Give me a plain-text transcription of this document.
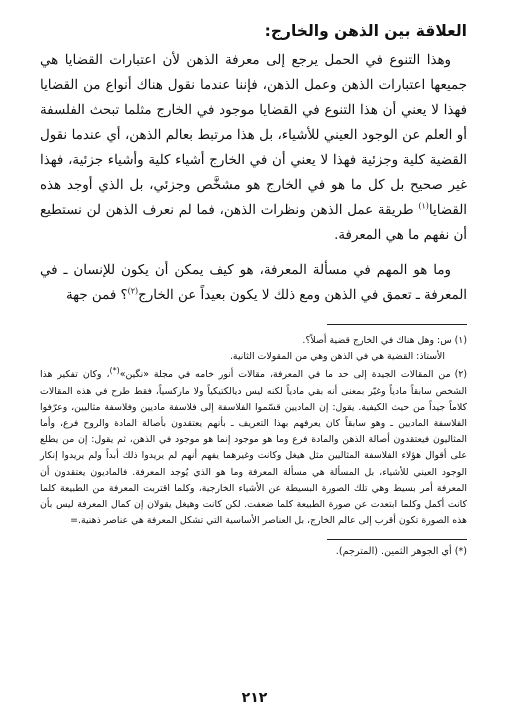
العلاقة بين الذهن والخارج:

وهذا التنوع في الحمل يرجع إلى معرفة الذهن لأن اعتبارات القضايا هي جميعها اعتبارات الذهن وعمل الذهن، فإننا عندما نقول هناك أنواع من القضايا فهذا لا يعني أن هذا التنوع في القضايا موجود في الخارج مثلما تبحث الفلسفة أو العلم عن الوجود العيني للأشياء، بل هذا مرتبط بعالم الذهن، أي عندما نقول القضية كلية وجزئية فهذا لا يعني أن في الخارج أشياء كلية وأشياء جزئية، فهذا غير صحيح بل كل ما هو في الخارج هو مشخَّص وجزئي، بل الذي أوجد هذه القضايا$^{(١)}$ طريقة عمل الذهن ونظرات الذهن، فما لم نعرف الذهن لن نستطيع أن نفهم ما هي المعرفة.

وما هو المهم في مسألة المعرفة، هو كيف يمكن أن يكون للإنسان ـ في المعرفة ـ تعمق في الذهن ومع ذلك لا يكون بعيداً عن الخارج$^{(٢)}$؟ فمن جهة

(١) س: وهل هناك في الخارج قضية أصلاً؟.

الأستاذ: القضية هي في الذهن وهي من المقولات الثانية.

(٢)من المقالات الجيدة إلى حد ما في المعرفة، مقالات أنور خامه في مجلة «نگين»(*)، وكان تفكير هذا الشخص سابقاً مادياً وغيّر بمعنى أنه بقي مادياً لكنه ليس ديالكتيكياً ولا ماركسياً، فقط طرح في هذه المقالات كلاماً جيداً من حيث الكيفية. يقول: إن الماديين قسّموا الفلاسفة إلى فلاسفة ماديين وفلاسفة مثاليين، وعرّفوا الفلاسفة الماديين ـ وهو سابقاً كان يعرفهم بهذا التعريف ـ بأنهم يعتقدون بأصالة المادة والروح فرع، وأما المثاليون فيعتقدون أصالة الذهن والمادة فرع وما هو موجود إنما هو موجود في الذهن، ثم يقول: إن من يطلع على أقوال هؤلاء الفلاسفة المثاليين مثل هيغل وكانت وغيرهما يفهم أنهم لم يريدوا ذلك أبداً ولم يريدوا إنكار الوجود العيني للأشياء، بل المسألة هي مسألة المعرفة وما هو الذي يُوجد المعرفة. فالماديون يعتقدون أن المعرفة أمر بسيط وهي تلك الصورة البسيطة عن الأشياء الخارجية، وكلما اقتربت المعرفة من الطبيعة كلما كانت أكمل وكلما ابتعدت عن صورة الطبيعة كلما ضعفت. لكن كانت وهيغل يقولان إن كمال المعرفة ليس بأن هذه الصورة تكون أقرب إلى عالم الخارج، بل العناصر الأساسية التي تشكل المعرفة هي عناصر ذهنية.=

(*) أي الجوهر الثمين. (المترجم).

٢١٢
